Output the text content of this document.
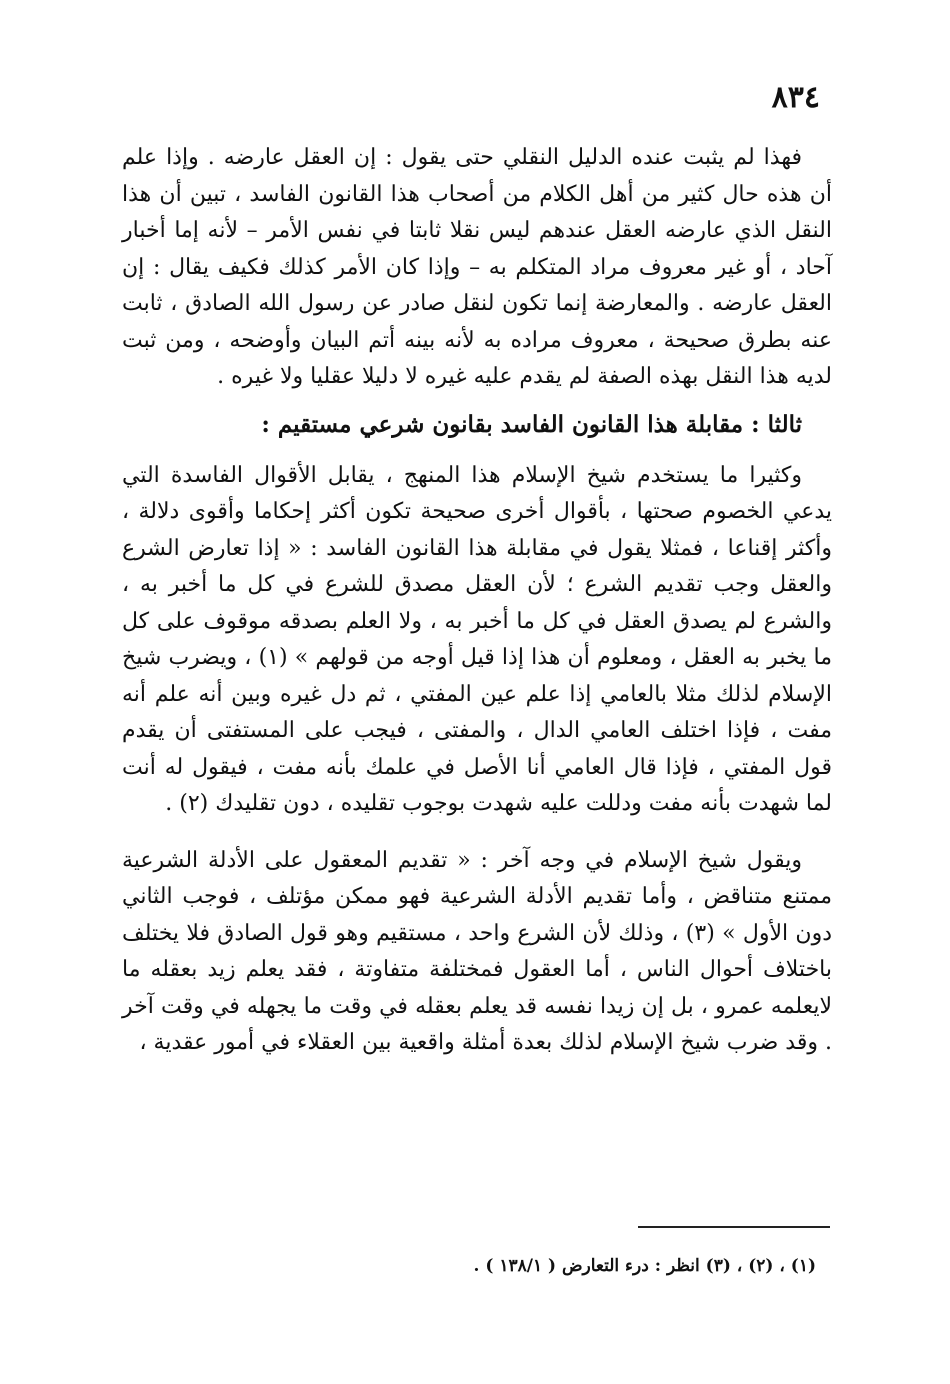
٨٣٤

فهذا لم يثبت عنده الدليل النقلي حتى يقول : إن العقل عارضه . وإذا علم أن هذه حال كثير من أهل الكلام من أصحاب هذا القانون الفاسد ، تبين أن هذا النقل الذي عارضه العقل عندهم ليس نقلا ثابتا في نفس الأمر – لأنه إما أخبار آحاد ، أو غير معروف مراد المتكلم به – وإذا كان الأمر كذلك فكيف يقال : إن العقل عارضه . والمعارضة إنما تكون لنقل صادر عن رسول الله الصادق ، ثابت عنه بطرق صحيحة ، معروف مراده به لأنه بينه أتم البيان وأوضحه ، ومن ثبت لديه هذا النقل بهذه الصفة لم يقدم عليه غيره لا دليلا عقليا ولا غيره .

ثالثا : مقابلة هذا القانون الفاسد بقانون شرعي مستقيم :

وكثيرا ما يستخدم شيخ الإسلام هذا المنهج ، يقابل الأقوال الفاسدة التي يدعي الخصوم صحتها ، بأقوال أخرى صحيحة تكون أكثر إحكاما وأقوى دلالة ، وأكثر إقناعا ، فمثلا يقول في مقابلة هذا القانون الفاسد : « إذا تعارض الشرع والعقل وجب تقديم الشرع ؛ لأن العقل مصدق للشرع في كل ما أخبر به ، والشرع لم يصدق العقل في كل ما أخبر به ، ولا العلم بصدقه موقوف على كل ما يخبر به العقل ، ومعلوم أن هذا إذا قيل أوجه من قولهم » (١) ، ويضرب شيخ الإسلام لذلك مثلا بالعامي إذا علم عين المفتي ، ثم دل غيره وبين أنه علم أنه مفت ، فإذا اختلف العامي الدال ، والمفتى ، فيجب على المستفتى أن يقدم قول المفتي ، فإذا قال العامي أنا الأصل في علمك بأنه مفت ، فيقول له أنت لما شهدت بأنه مفت ودللت عليه شهدت بوجوب تقليده ، دون تقليدك (٢) .

ويقول شيخ الإسلام في وجه آخر : « تقديم المعقول على الأدلة الشرعية ممتنع متناقض ، وأما تقديم الأدلة الشرعية فهو ممكن مؤتلف ، فوجب الثاني دون الأول » (٣) ، وذلك لأن الشرع واحد ، مستقيم وهو قول الصادق فلا يختلف باختلاف أحوال الناس ، أما العقول فمختلفة متفاوتة ، فقد يعلم زيد بعقله ما لايعلمه عمرو ، بل إن زيدا نفسه قد يعلم بعقله في وقت ما يجهله في وقت آخر . وقد ضرب شيخ الإسلام لذلك بعدة أمثلة واقعية بين العقلاء في أمور عقدية ،

(١) ، (٢) ، (٣) انظر : درء التعارض ( ١٣٨/١ ) .
